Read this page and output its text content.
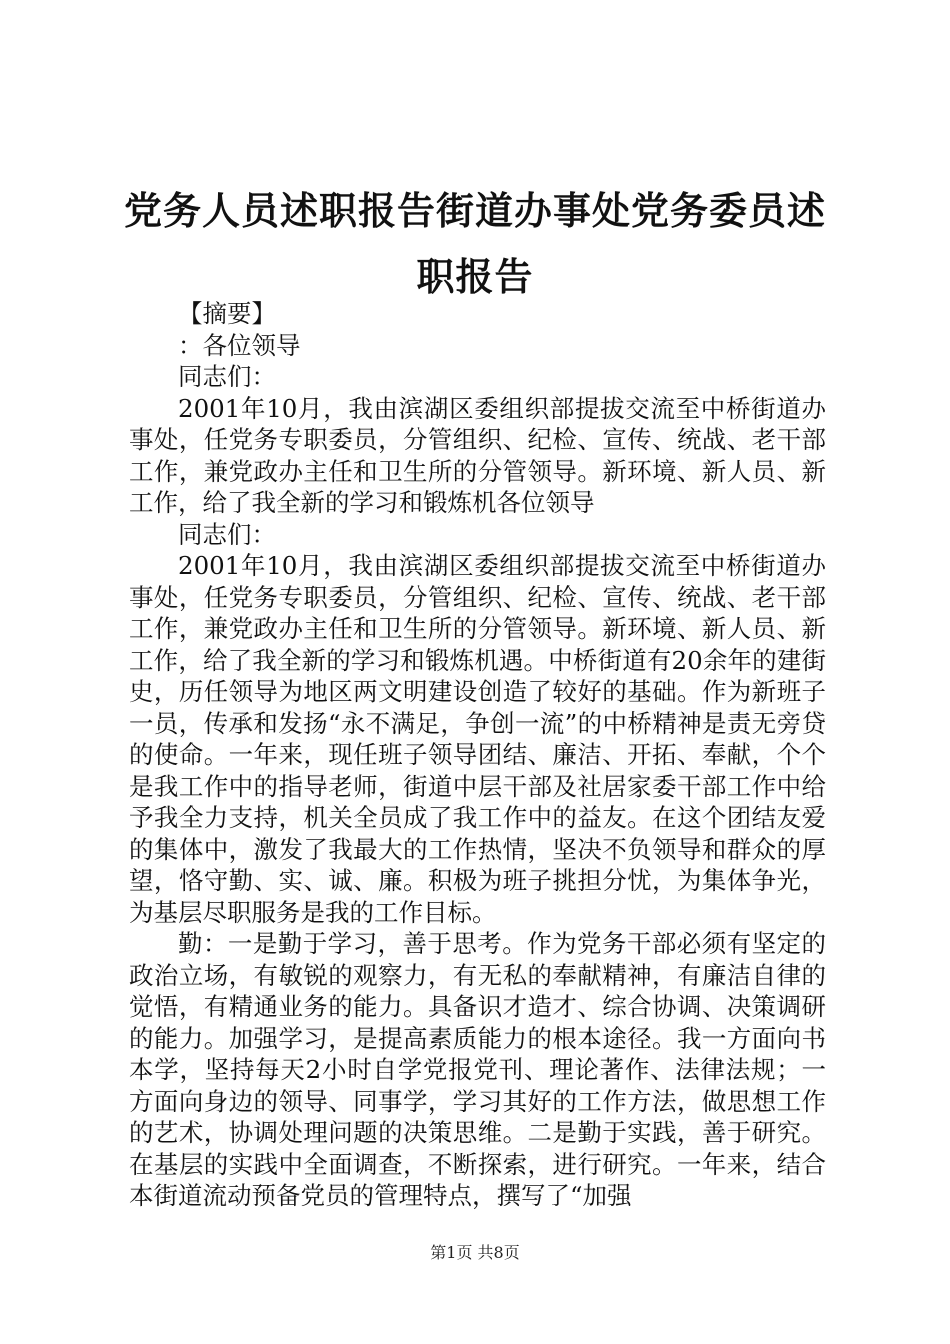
党务人员述职报告街道办事处党务委员述职报告

【摘要】

：各位领导

同志们：

2001年10月，我由滨湖区委组织部提拔交流至中桥街道办事处，任党务专职委员，分管组织、纪检、宣传、统战、老干部工作，兼党政办主任和卫生所的分管领导。新环境、新人员、新工作，给了我全新的学习和锻炼机各位领导

同志们：

2001年10月，我由滨湖区委组织部提拔交流至中桥街道办事处，任党务专职委员，分管组织、纪检、宣传、统战、老干部工作，兼党政办主任和卫生所的分管领导。新环境、新人员、新工作，给了我全新的学习和锻炼机遇。中桥街道有20余年的建街史，历任领导为地区两文明建设创造了较好的基础。作为新班子一员，传承和发扬“永不满足，争创一流”的中桥精神是责无旁贷的使命。一年来，现任班子领导团结、廉洁、开拓、奉献，个个是我工作中的指导老师，街道中层干部及社居家委干部工作中给予我全力支持，机关全员成了我工作中的益友。在这个团结友爱的集体中，激发了我最大的工作热情，坚决不负领导和群众的厚望，恪守勤、实、诚、廉。积极为班子挑担分忧，为集体争光，为基层尽职服务是我的工作目标。

勤：一是勤于学习，善于思考。作为党务干部必须有坚定的政治立场，有敏锐的观察力，有无私的奉献精神，有廉洁自律的觉悟，有精通业务的能力。具备识才造才、综合协调、决策调研的能力。加强学习，是提高素质能力的根本途径。我一方面向书本学，坚持每天2小时自学党报党刊、理论著作、法律法规；一方面向身边的领导、同事学，学习其好的工作方法，做思想工作的艺术，协调处理问题的决策思维。二是勤于实践，善于研究。在基层的实践中全面调查，不断探索，进行研究。一年来，结合本街道流动预备党员的管理特点，撰写了“加强

第1页 共8页
